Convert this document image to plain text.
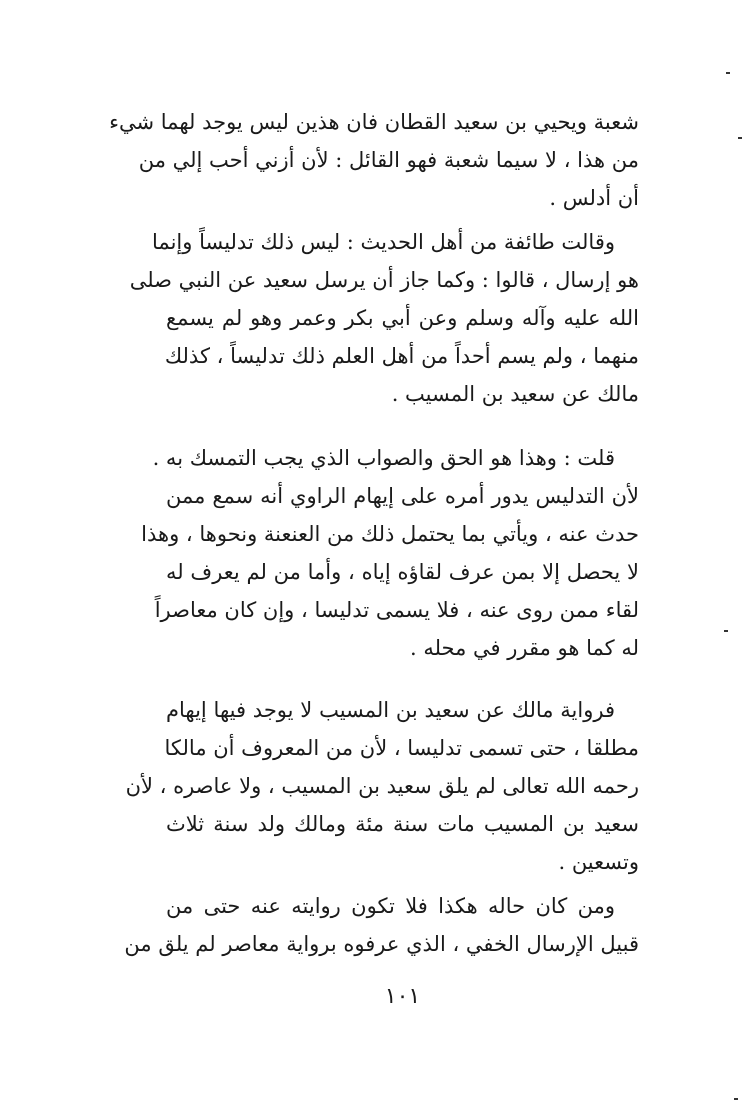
شعبة ويحيي بن سعيد القطان فان هذين ليس يوجد لهما شيء
من هذا ، لا سيما شعبة فهو القائل : لأن أزني أحب إلي من
أن أدلس .
وقالت طائفة من أهل الحديث : ليس ذلك تدليساً وإنما
هو إرسال ، قالوا : وكما جاز أن يرسل سعيد عن النبي صلى
الله عليه وآله وسلم وعن أبي بكر وعمر وهو لم يسمع
منهما ، ولم يسم أحداً من أهل العلم ذلك تدليساً ، كذلك
مالك عن سعيد بن المسيب .
قلت : وهذا هو الحق والصواب الذي يجب التمسك به .
لأن التدليس يدور أمره على إيهام الراوي أنه سمع ممن
حدث عنه ، ويأتي بما يحتمل ذلك من العنعنة ونحوها ، وهذا
لا يحصل إلا بمن عرف لقاؤه إياه ، وأما من لم يعرف له
لقاء ممن روى عنه ، فلا يسمى تدليسا ، وإن كان معاصراً
له كما هو مقرر في محله .
فرواية مالك عن سعيد بن المسيب لا يوجد فيها إيهام
مطلقا ، حتى تسمى تدليسا ، لأن من المعروف أن مالكا
رحمه الله تعالى لم يلق سعيد بن المسيب ، ولا عاصره ، لأن
سعيد بن المسيب مات سنة مئة ومالك ولد سنة ثلاث
وتسعين .
ومن كان حاله هكذا فلا تكون روايته عنه حتى من
قبيل الإرسال الخفي ، الذي عرفوه برواية معاصر لم يلق من
١٠١
